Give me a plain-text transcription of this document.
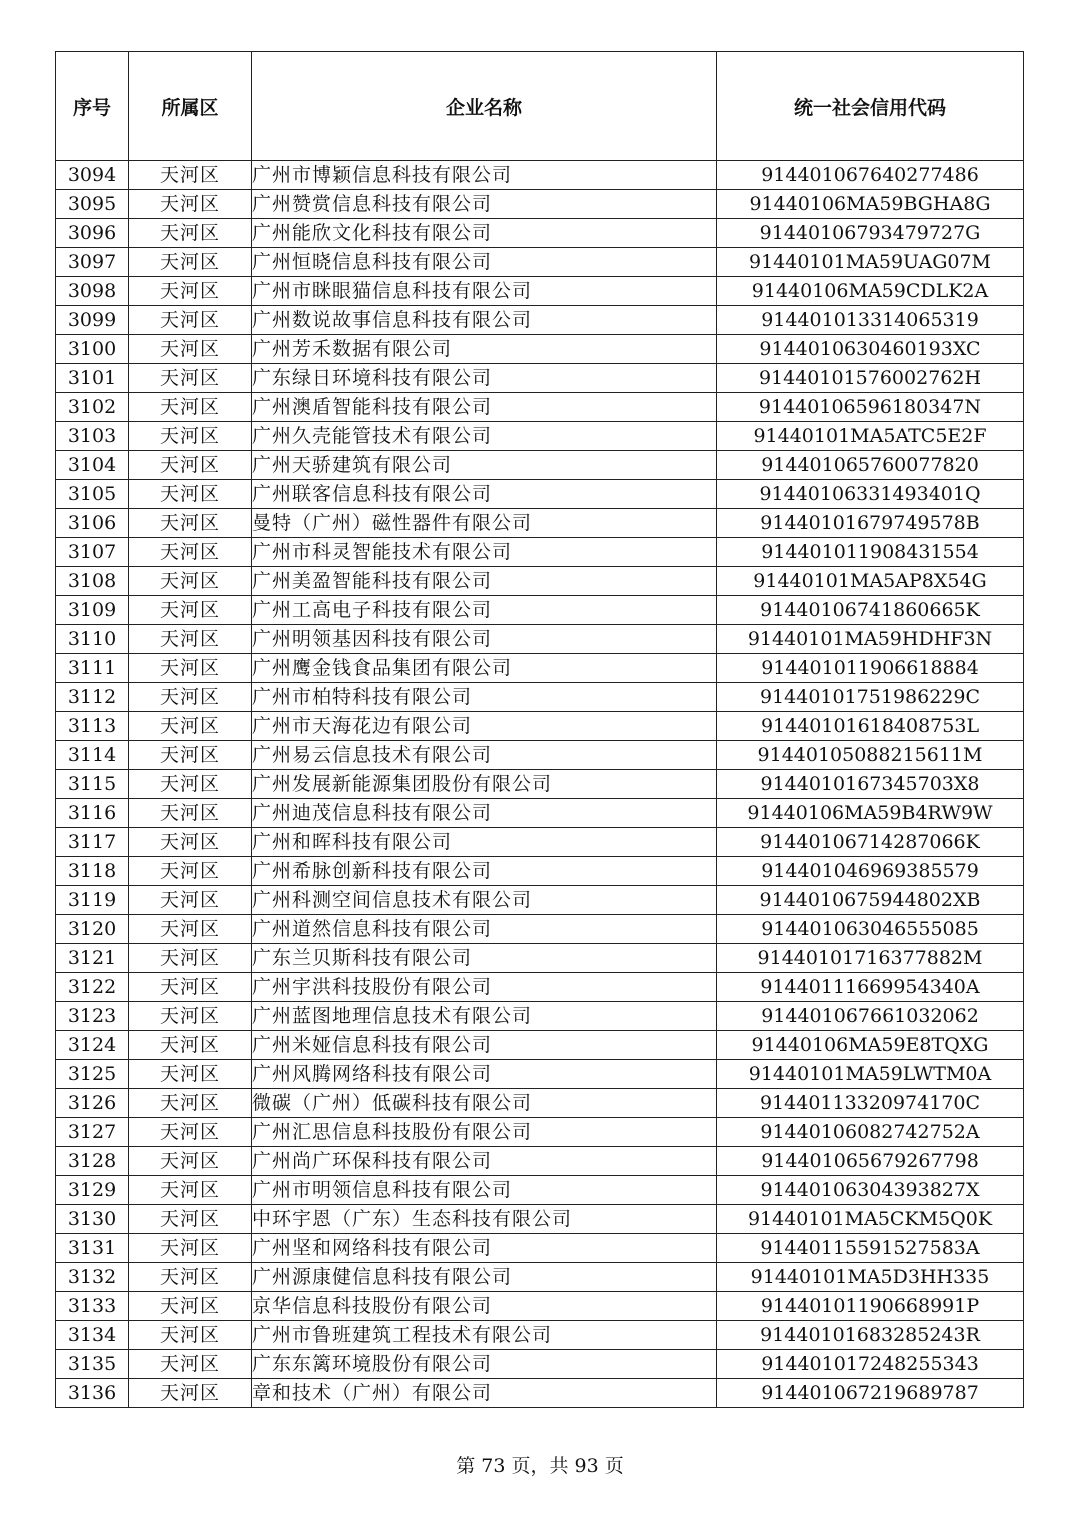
序号	所属区	企业名称	统一社会信用代码
3094	天河区	广州市博颖信息科技有限公司	914401067640277486
3095	天河区	广州赞赏信息科技有限公司	91440106MA59BGHA8G
3096	天河区	广州能欣文化科技有限公司	91440106793479727G
3097	天河区	广州恒晓信息科技有限公司	91440101MA59UAG07M
3098	天河区	广州市眯眼猫信息科技有限公司	91440106MA59CDLK2A
3099	天河区	广州数说故事信息科技有限公司	914401013314065319
3100	天河区	广州芳禾数据有限公司	9144010630460193XC
3101	天河区	广东绿日环境科技有限公司	91440101576002762H
3102	天河区	广州澳盾智能科技有限公司	91440106596180347N
3103	天河区	广州久壳能管技术有限公司	91440101MA5ATC5E2F
3104	天河区	广州天骄建筑有限公司	914401065760077820
3105	天河区	广州联客信息科技有限公司	91440106331493401Q
3106	天河区	曼特（广州）磁性器件有限公司	91440101679749578B
3107	天河区	广州市科灵智能技术有限公司	914401011908431554
3108	天河区	广州美盈智能科技有限公司	91440101MA5AP8X54G
3109	天河区	广州工高电子科技有限公司	91440106741860665K
3110	天河区	广州明领基因科技有限公司	91440101MA59HDHF3N
3111	天河区	广州鹰金钱食品集团有限公司	914401011906618884
3112	天河区	广州市柏特科技有限公司	91440101751986229C
3113	天河区	广州市天海花边有限公司	91440101618408753L
3114	天河区	广州易云信息技术有限公司	91440105088215611M
3115	天河区	广州发展新能源集团股份有限公司	9144010167345703X8
3116	天河区	广州迪茂信息科技有限公司	91440106MA59B4RW9W
3117	天河区	广州和晖科技有限公司	91440106714287066K
3118	天河区	广州希脉创新科技有限公司	914401046969385579
3119	天河区	广州科测空间信息技术有限公司	9144010675944802XB
3120	天河区	广州道然信息科技有限公司	914401063046555085
3121	天河区	广东兰贝斯科技有限公司	91440101716377882M
3122	天河区	广州宇洪科技股份有限公司	91440111669954340A
3123	天河区	广州蓝图地理信息技术有限公司	914401067661032062
3124	天河区	广州米娅信息科技有限公司	91440106MA59E8TQXG
3125	天河区	广州风腾网络科技有限公司	91440101MA59LWTM0A
3126	天河区	微碳（广州）低碳科技有限公司	91440113320974170C
3127	天河区	广州汇思信息科技股份有限公司	91440106082742752A
3128	天河区	广州尚广环保科技有限公司	914401065679267798
3129	天河区	广州市明领信息科技有限公司	91440106304393827X
3130	天河区	中环宇恩（广东）生态科技有限公司	91440101MA5CKM5Q0K
3131	天河区	广州坚和网络科技有限公司	91440115591527583A
3132	天河区	广州源康健信息科技有限公司	91440101MA5D3HH335
3133	天河区	京华信息科技股份有限公司	91440101190668991P
3134	天河区	广州市鲁班建筑工程技术有限公司	91440101683285243R
3135	天河区	广东东篱环境股份有限公司	914401017248255343
3136	天河区	章和技术（广州）有限公司	914401067219689787
第 73 页，共 93 页
